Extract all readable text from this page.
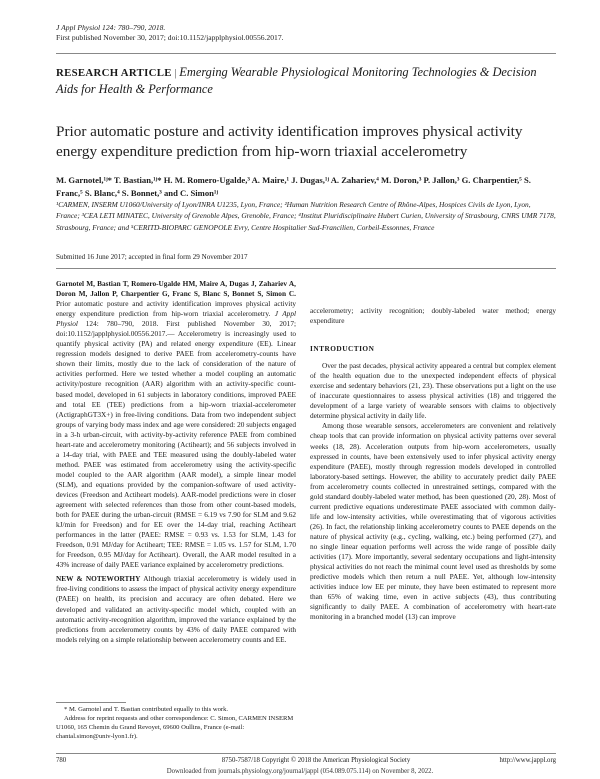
J Appl Physiol 124: 780–790, 2018.
First published November 30, 2017; doi:10.1152/japplphysiol.00556.2017.
RESEARCH ARTICLE | Emerging Wearable Physiological Monitoring Technologies & Decision Aids for Health & Performance
Prior automatic posture and activity identification improves physical activity energy expenditure prediction from hip-worn triaxial accelerometry
M. Garnotel,¹ʲ* T. Bastian,¹ʲ* H. M. Romero-Ugalde,³ A. Maire,¹ J. Dugas,¹ʲ A. Zahariev,⁴ M. Doron,³ P. Jallon,³ G. Charpentier,⁵ S. Franc,⁵ S. Blanc,⁴ S. Bonnet,³ and C. Simon¹ʲ
¹CARMEN, INSERM U1060/University of Lyon/INRA U1235, Lyon, France; ²Human Nutrition Research Centre of Rhône-Alpes, Hospices Civils de Lyon, Lyon, France; ³CEA LETI MINATEC, University of Grenoble Alpes, Grenoble, France; ⁴Institut Pluridisciplinaire Hubert Curien, University of Strasbourg, CNRS UMR 7178, Strasbourg, France; and ⁵CERITD-BIOPARC GENOPOLE Evry, Centre Hospitalier Sud-Francilien, Corbeil-Essonnes, France
Submitted 16 June 2017; accepted in final form 29 November 2017

Garnotel M, Bastian T, Romero-Ugalde HM, Maire A, Dugas J, Zahariev A, Doron M, Jallon P, Charpentier G, Franc S, Blanc S, Bonnet S, Simon C. Prior automatic posture and activity identification improves physical activity energy expenditure prediction from hip-worn triaxial accelerometry. J Appl Physiol 124: 780–790, 2018. First published November 30, 2017; doi:10.1152/japplphysiol.00556.2017.— Accelerometry is increasingly used to quantify physical activity (PA) and related energy expenditure (EE). Linear regression models designed to derive PAEE from accelerometry-counts have shown their limits, mostly due to the lack of consideration of the nature of activities performed. Here we tested whether a model coupling an automatic activity/posture recognition (AAR) algorithm with an activity-specific count-based model, developed in 61 subjects in laboratory conditions, improved PAEE and total EE (TEE) predictions from a hip-worn triaxial-accelerometer (ActigraphGT3X+) in free-living conditions. Data from two independent subject groups of varying body mass index and age were considered: 20 subjects engaged in a 3-h urban-circuit, with activity-by-activity reference PAEE from combined heart-rate and accelerometry monitoring (Actiheart); and 56 subjects involved in a 14-day trial, with PAEE and TEE measured using the doubly-labeled water method. PAEE was estimated from accelerometry using the activity-specific model coupled to the AAR algorithm (AAR model), a simple linear model (SLM), and equations provided by the companion-software of used activity-devices (Freedson and Actiheart models). AAR-model predictions were in closer agreement with selected references than those from other count-based models, both for PAEE during the urban-circuit (RMSE = 6.19 vs 7.90 for SLM and 9.62 kJ/min for Freedson) and for EE over the 14-day trial, reaching Actiheart performances in the latter (PAEE: RMSE = 0.93 vs. 1.53 for SLM, 1.43 for Freedson, 0.91 MJ/day for Actiheart; TEE: RMSE = 1.05 vs. 1.57 for SLM, 1.70 for Freedson, 0.95 MJ/day for Actiheart). Overall, the AAR model resulted in a 43% increase of daily PAEE variance explained by accelerometry predictions.

NEW & NOTEWORTHY Although triaxial accelerometry is widely used in free-living conditions to assess the impact of physical activity energy expenditure (PAEE) on health, its precision and accuracy are often debated. Here we developed and validated an activity-specific model which, coupled with an automatic activity-recognition algorithm, improved the variance explained by the predictions from accelerometry counts by 43% of daily PAEE compared with models relying on a simple relationship between accelerometry counts and EE.

accelerometry; activity recognition; doubly-labeled water method; energy expenditure
INTRODUCTION

Over the past decades, physical activity appeared a central but complex element of the health equation due to the unexpected independent effects of physical exercise and sedentary behaviors (21, 23). These observations put a light on the use of inaccurate questionnaires to assess physical activities (18) and triggered the development of a large variety of wearable sensors with claims to objectively determine physical activity in daily life.

Among those wearable sensors, accelerometers are convenient and relatively cheap tools that can provide information on physical activity patterns over several weeks (18, 28). Acceleration outputs from hip-worn accelerometers, usually expressed in counts, have been extensively used to infer physical activity energy expenditure (PAEE), mostly through regression models developed in controlled laboratory-based settings. However, the ability to accurately predict daily PAEE from accelerometry counts collected in unrestrained settings, compared with the gold standard doubly-labeled water method, has been questioned (20, 28). Most of current predictive equations underestimate PAEE associated with common daily-life and low-intensity activities, while overestimating that of vigorous activities (26). In fact, the relationship linking accelerometry counts to PAEE depends on the nature of physical activity (e.g., cycling, walking, etc.) being performed (27), and no single linear equation performs well across the wide range of possible daily activities (17). More importantly, several sedentary occupations and light-intensity physical activities do not reach the minimal count level used as thresholds by some predictive models which then return a null PAEE. Yet, although low-intensity activities induce low EE per minute, they have been estimated to represent more than 65% of waking time, even in active subjects (43), thus contributing significantly to daily PAEE. A combination of accelerometry with heart-rate monitoring in a branched model (13) can improve

* M. Garnotel and T. Bastian contributed equally to this work.

Address for reprint requests and other correspondence: C. Simon, CARMEN INSERM U1060, 165 Chemin du Grand Revoyet, 69600 Oullins, France (e-mail: chantal.simon@univ-lyon1.fr).

780	8750-7587/18 Copyright © 2018 the American Physiological Society	http://www.jappl.org
Downloaded from journals.physiology.org/journal/jappl (054.089.075.114) on November 8, 2022.
